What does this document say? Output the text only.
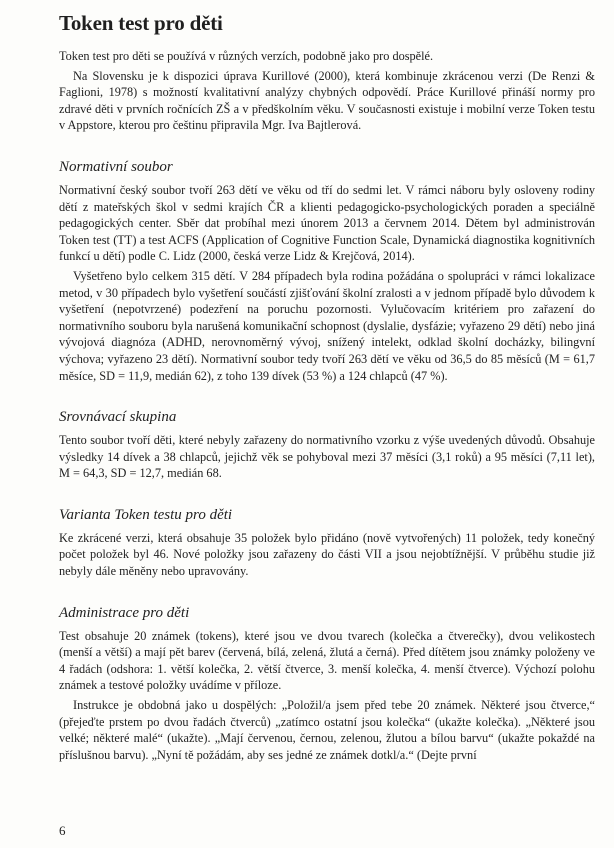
Token test pro děti

Token test pro děti se používá v různých verzích, podobně jako pro dospělé.

Na Slovensku je k dispozici úprava Kurillové (2000), která kombinuje zkrácenou verzi (De Renzi & Faglioni, 1978) s možností kvalitativní analýzy chybných odpovědí. Práce Kurillové přináší normy pro zdravé děti v prvních ročnících ZŠ a v předškolním věku. V současnosti existuje i mobilní verze Token testu v Appstore, kterou pro češtinu připravila Mgr. Iva Bajtlerová.

Normativní soubor

Normativní český soubor tvoří 263 dětí ve věku od tří do sedmi let. V rámci náboru byly osloveny rodiny dětí z mateřských škol v sedmi krajích ČR a klienti pedagogicko-psychologických poraden a speciálně pedagogických center. Sběr dat probíhal mezi únorem 2013 a červnem 2014. Dětem byl administrován Token test (TT) a test ACFS (Application of Cognitive Function Scale, Dynamická diagnostika kognitivních funkcí u dětí) podle C. Lidz (2000, česká verze Lidz & Krejčová, 2014).

Vyšetřeno bylo celkem 315 dětí. V 284 případech byla rodina požádána o spolupráci v rámci lokalizace metod, v 30 případech bylo vyšetření součástí zjišťování školní zralosti a v jednom případě bylo důvodem k vyšetření (nepotvrzené) podezření na poruchu pozornosti. Vylučovacím kritériem pro zařazení do normativního souboru byla narušená komunikační schopnost (dyslalie, dysfázie; vyřazeno 29 dětí) nebo jiná vývojová diagnóza (ADHD, nerovnoměrný vývoj, snížený intelekt, odklad školní docházky, bilingvní výchova; vyřazeno 23 dětí). Normativní soubor tedy tvoří 263 dětí ve věku od 36,5 do 85 měsíců (M = 61,7 měsíce, SD = 11,9, medián 62), z toho 139 dívek (53 %) a 124 chlapců (47 %).

Srovnávací skupina

Tento soubor tvoří děti, které nebyly zařazeny do normativního vzorku z výše uvedených důvodů. Obsahuje výsledky 14 dívek a 38 chlapců, jejichž věk se pohyboval mezi 37 měsíci (3,1 roků) a 95 měsíci (7,11 let), M = 64,3, SD = 12,7, medián 68.

Varianta Token testu pro děti

Ke zkrácené verzi, která obsahuje 35 položek bylo přidáno (nově vytvořených) 11 položek, tedy konečný počet položek byl 46. Nové položky jsou zařazeny do části VII a jsou nejobtížnější. V průběhu studie již nebyly dále měněny nebo upravovány.

Administrace pro děti

Test obsahuje 20 známek (tokens), které jsou ve dvou tvarech (kolečka a čtverečky), dvou velikostech (menší a větší) a mají pět barev (červená, bílá, zelená, žlutá a černá). Před dítětem jsou známky položeny ve 4 řadách (odshora: 1. větší kolečka, 2. větší čtverce, 3. menší kolečka, 4. menší čtverce). Výchozí polohu známek a testové položky uvádíme v příloze.

Instrukce je obdobná jako u dospělých: „Položil/a jsem před tebe 20 známek. Některé jsou čtverce,“ (přejeďte prstem po dvou řadách čtverců) „zatímco ostatní jsou kolečka“ (ukažte kolečka). „Některé jsou velké; některé malé“ (ukažte). „Mají červenou, černou, zelenou, žlutou a bílou barvu“ (ukažte pokaždé na příslušnou barvu). „Nyní tě požádám, aby ses jedné ze známek dotkl/a.“ (Dejte první

6
